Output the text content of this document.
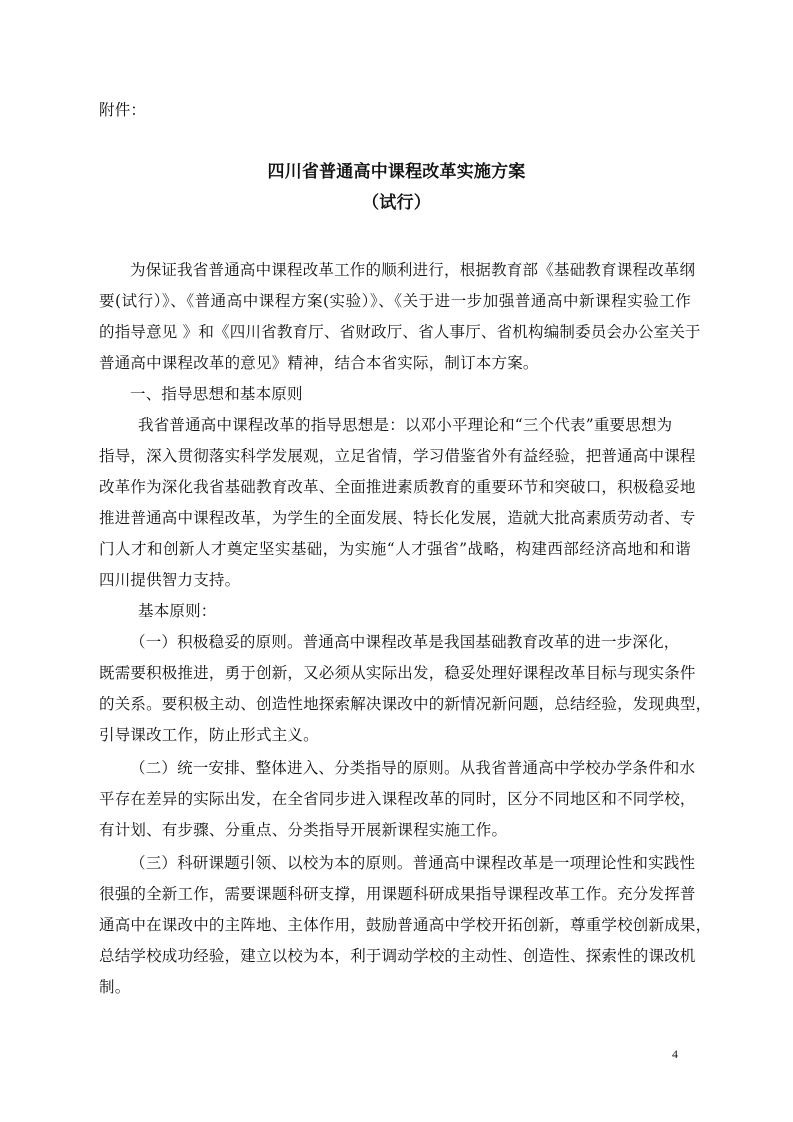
附件：
四川省普通高中课程改革实施方案
（试行）
为保证我省普通高中课程改革工作的顺利进行，根据教育部《基础教育课程改革纲
要(试行）》、《普通高中课程方案(实验）》、《关于进一步加强普通高中新课程实验工作
的指导意见 》和《四川省教育厅、省财政厅、省人事厅、省机构编制委员会办公室关于
普通高中课程改革的意见》精神，结合本省实际，制订本方案。
一、指导思想和基本原则
我省普通高中课程改革的指导思想是：以邓小平理论和“三个代表”重要思想为
指导，深入贯彻落实科学发展观，立足省情，学习借鉴省外有益经验，把普通高中课程
改革作为深化我省基础教育改革、全面推进素质教育的重要环节和突破口，积极稳妥地
推进普通高中课程改革，为学生的全面发展、特长化发展，造就大批高素质劳动者、专
门人才和创新人才奠定坚实基础，为实施“人才强省”战略，构建西部经济高地和和谐
四川提供智力支持。
基本原则：
（一）积极稳妥的原则。普通高中课程改革是我国基础教育改革的进一步深化，
既需要积极推进，勇于创新，又必须从实际出发，稳妥处理好课程改革目标与现实条件
的关系。要积极主动、创造性地探索解决课改中的新情况新问题，总结经验，发现典型，
引导课改工作，防止形式主义。
（二）统一安排、整体进入、分类指导的原则。从我省普通高中学校办学条件和水
平存在差异的实际出发，在全省同步进入课程改革的同时，区分不同地区和不同学校，
有计划、有步骤、分重点、分类指导开展新课程实施工作。
（三）科研课题引领、以校为本的原则。普通高中课程改革是一项理论性和实践性
很强的全新工作，需要课题科研支撑，用课题科研成果指导课程改革工作。充分发挥普
通高中在课改中的主阵地、主体作用，鼓励普通高中学校开拓创新，尊重学校创新成果，
总结学校成功经验，建立以校为本，利于调动学校的主动性、创造性、探索性的课改机
制。
4
